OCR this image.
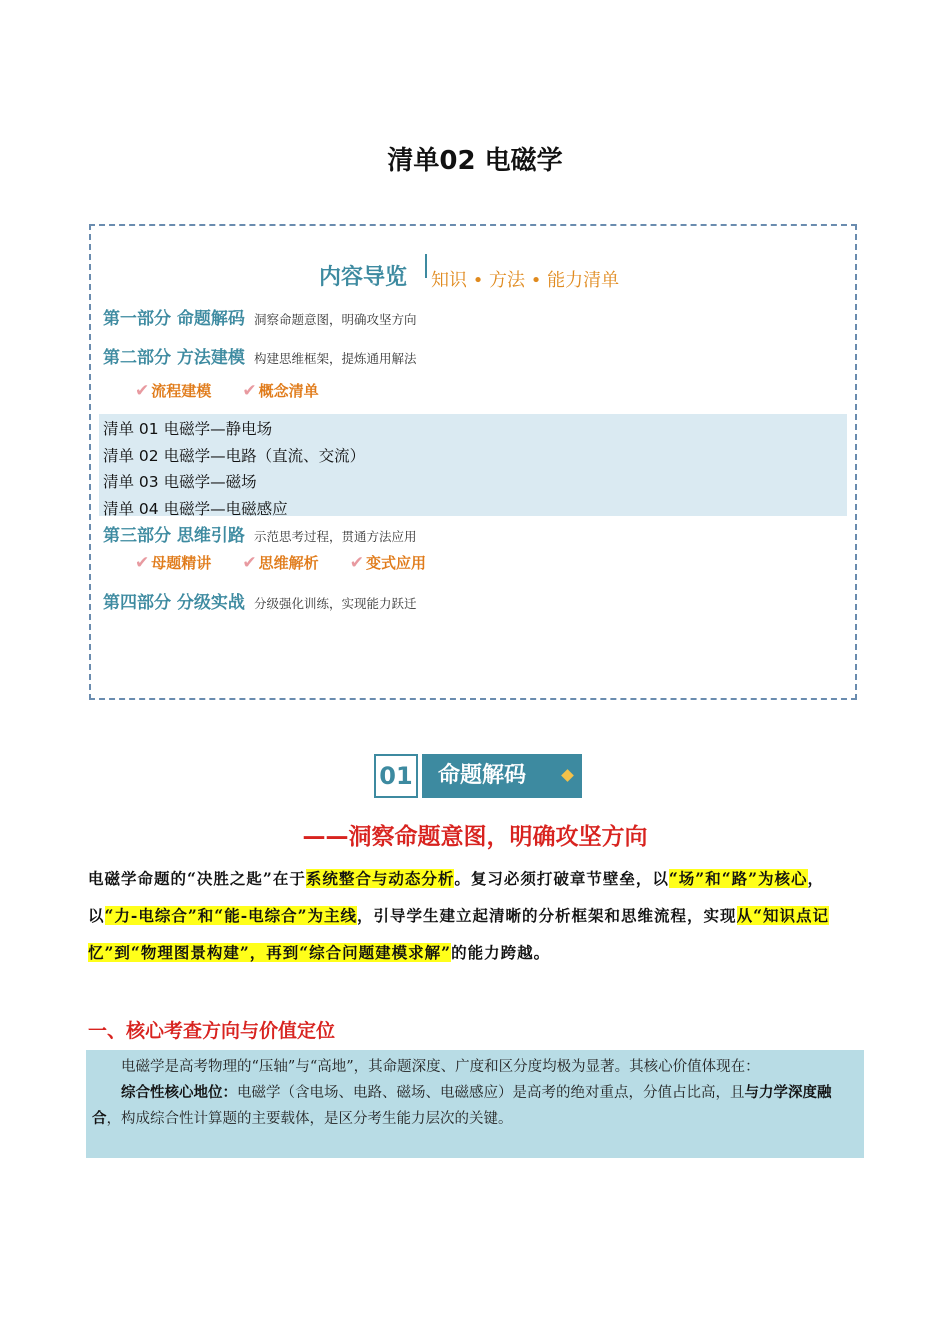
清单02 电磁学
内容导览 知识 • 方法 • 能力清单
第一部分 命题解码 洞察命题意图，明确攻坚方向
第二部分 方法建模 构建思维框架，提炼通用解法
✔ 流程建模 ✔ 概念清单
清单 01 电磁学—静电场
清单 02 电磁学—电路（直流、交流）
清单 03 电磁学—磁场
清单 04 电磁学—电磁感应
第三部分 思维引路 示范思考过程，贯通方法应用
✔ 母题精讲 ✔ 思维解析 ✔ 变式应用
第四部分 分级实战 分级强化训练，实现能力跃迁
01	命题解码
——洞察命题意图，明确攻坚方向
电磁学命题的“决胜之匙”在于系统整合与动态分析。复习必须打破章节壁垒，以“场”和“路”为核心，以“力-电综合”和“能-电综合”为主线，引导学生建立起清晰的分析框架和思维流程，实现从“知识点记忆”到“物理图景构建”，再到“综合问题建模求解”的能力跨越。
一、核心考查方向与价值定位

电磁学是高考物理的“压轴”与“高地”，其命题深度、广度和区分度均极为显著。其核心价值体现在：

综合性核心地位：电磁学（含电场、电路、磁场、电磁感应）是高考的绝对重点，分值占比高，且与力学深度融合，构成综合性计算题的主要载体，是区分考生能力层次的关键。
